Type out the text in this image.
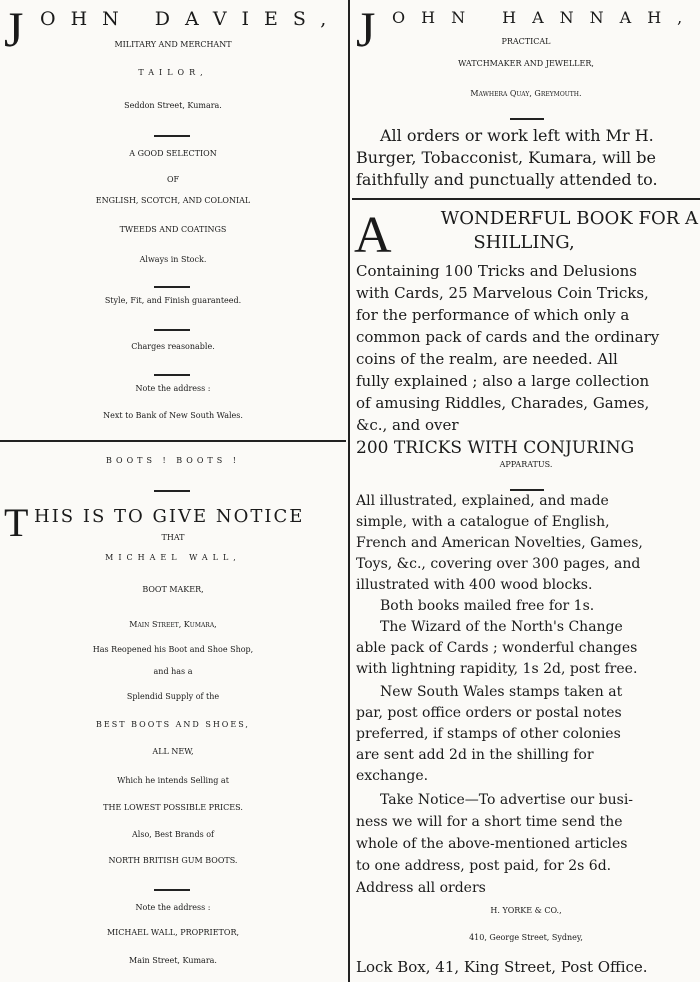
J OHN DAVIES,
MILITARY AND MERCHANT
TAILOR,
Seddon Street, Kumara.
A GOOD SELECTION
OF
ENGLISH, SCOTCH, AND COLONIAL
TWEEDS AND COATINGS
Always in Stock.
Style, Fit, and Finish guaranteed.
Charges reasonable.
Note the address :
Next to Bank of New South Wales.
BOOTS ! BOOTS !
T HIS IS TO GIVE NOTICE
THAT
MICHAEL WALL,
BOOT MAKER,
Main Street, Kumara,
Has Reopened his Boot and Shoe Shop,
and has a
Splendid Supply of the
BEST BOOTS AND SHOES,
ALL NEW,
Which he intends Selling at
THE LOWEST POSSIBLE PRICES.
Also, Best Brands of
NORTH BRITISH GUM BOOTS.
Note the address :
MICHAEL WALL, PROPRIETOR,
Main Street, Kumara.
J OHN HANNAH,
PRACTICAL
WATCHMAKER AND JEWELLER,
Mawhera Quay, Greymouth.
All orders or work left with Mr H.
Burger, Tobacconist, Kumara, will be
faithfully and punctually attended to.
A	WONDERFUL BOOK FOR A
SHILLING,
Containing 100 Tricks and Delusions
with Cards, 25 Marvelous Coin Tricks,
for the performance of which only a
common pack of cards and the ordinary
coins of the realm, are needed. All
fully explained ; also a large collection
of amusing Riddles, Charades, Games,
&c., and over
200 TRICKS WITH CONJURING
APPARATUS.
All illustrated, explained, and made
simple, with a catalogue of English,
French and American Novelties, Games,
Toys, &c., covering over 300 pages, and
illustrated with 400 wood blocks.
Both books mailed free for 1s.
The Wizard of the North's Change
able pack of Cards ; wonderful changes
with lightning rapidity, 1s 2d, post free.
New South Wales stamps taken at
par, post office orders or postal notes
preferred, if stamps of other colonies
are sent add 2d in the shilling for
exchange.
Take Notice—To advertise our busi-
ness we will for a short time send the
whole of the above-mentioned articles
to one address, post paid, for 2s 6d.
Address all orders
H. YORKE & CO.,
410, George Street, Sydney,
Lock Box, 41, King Street, Post Office.
